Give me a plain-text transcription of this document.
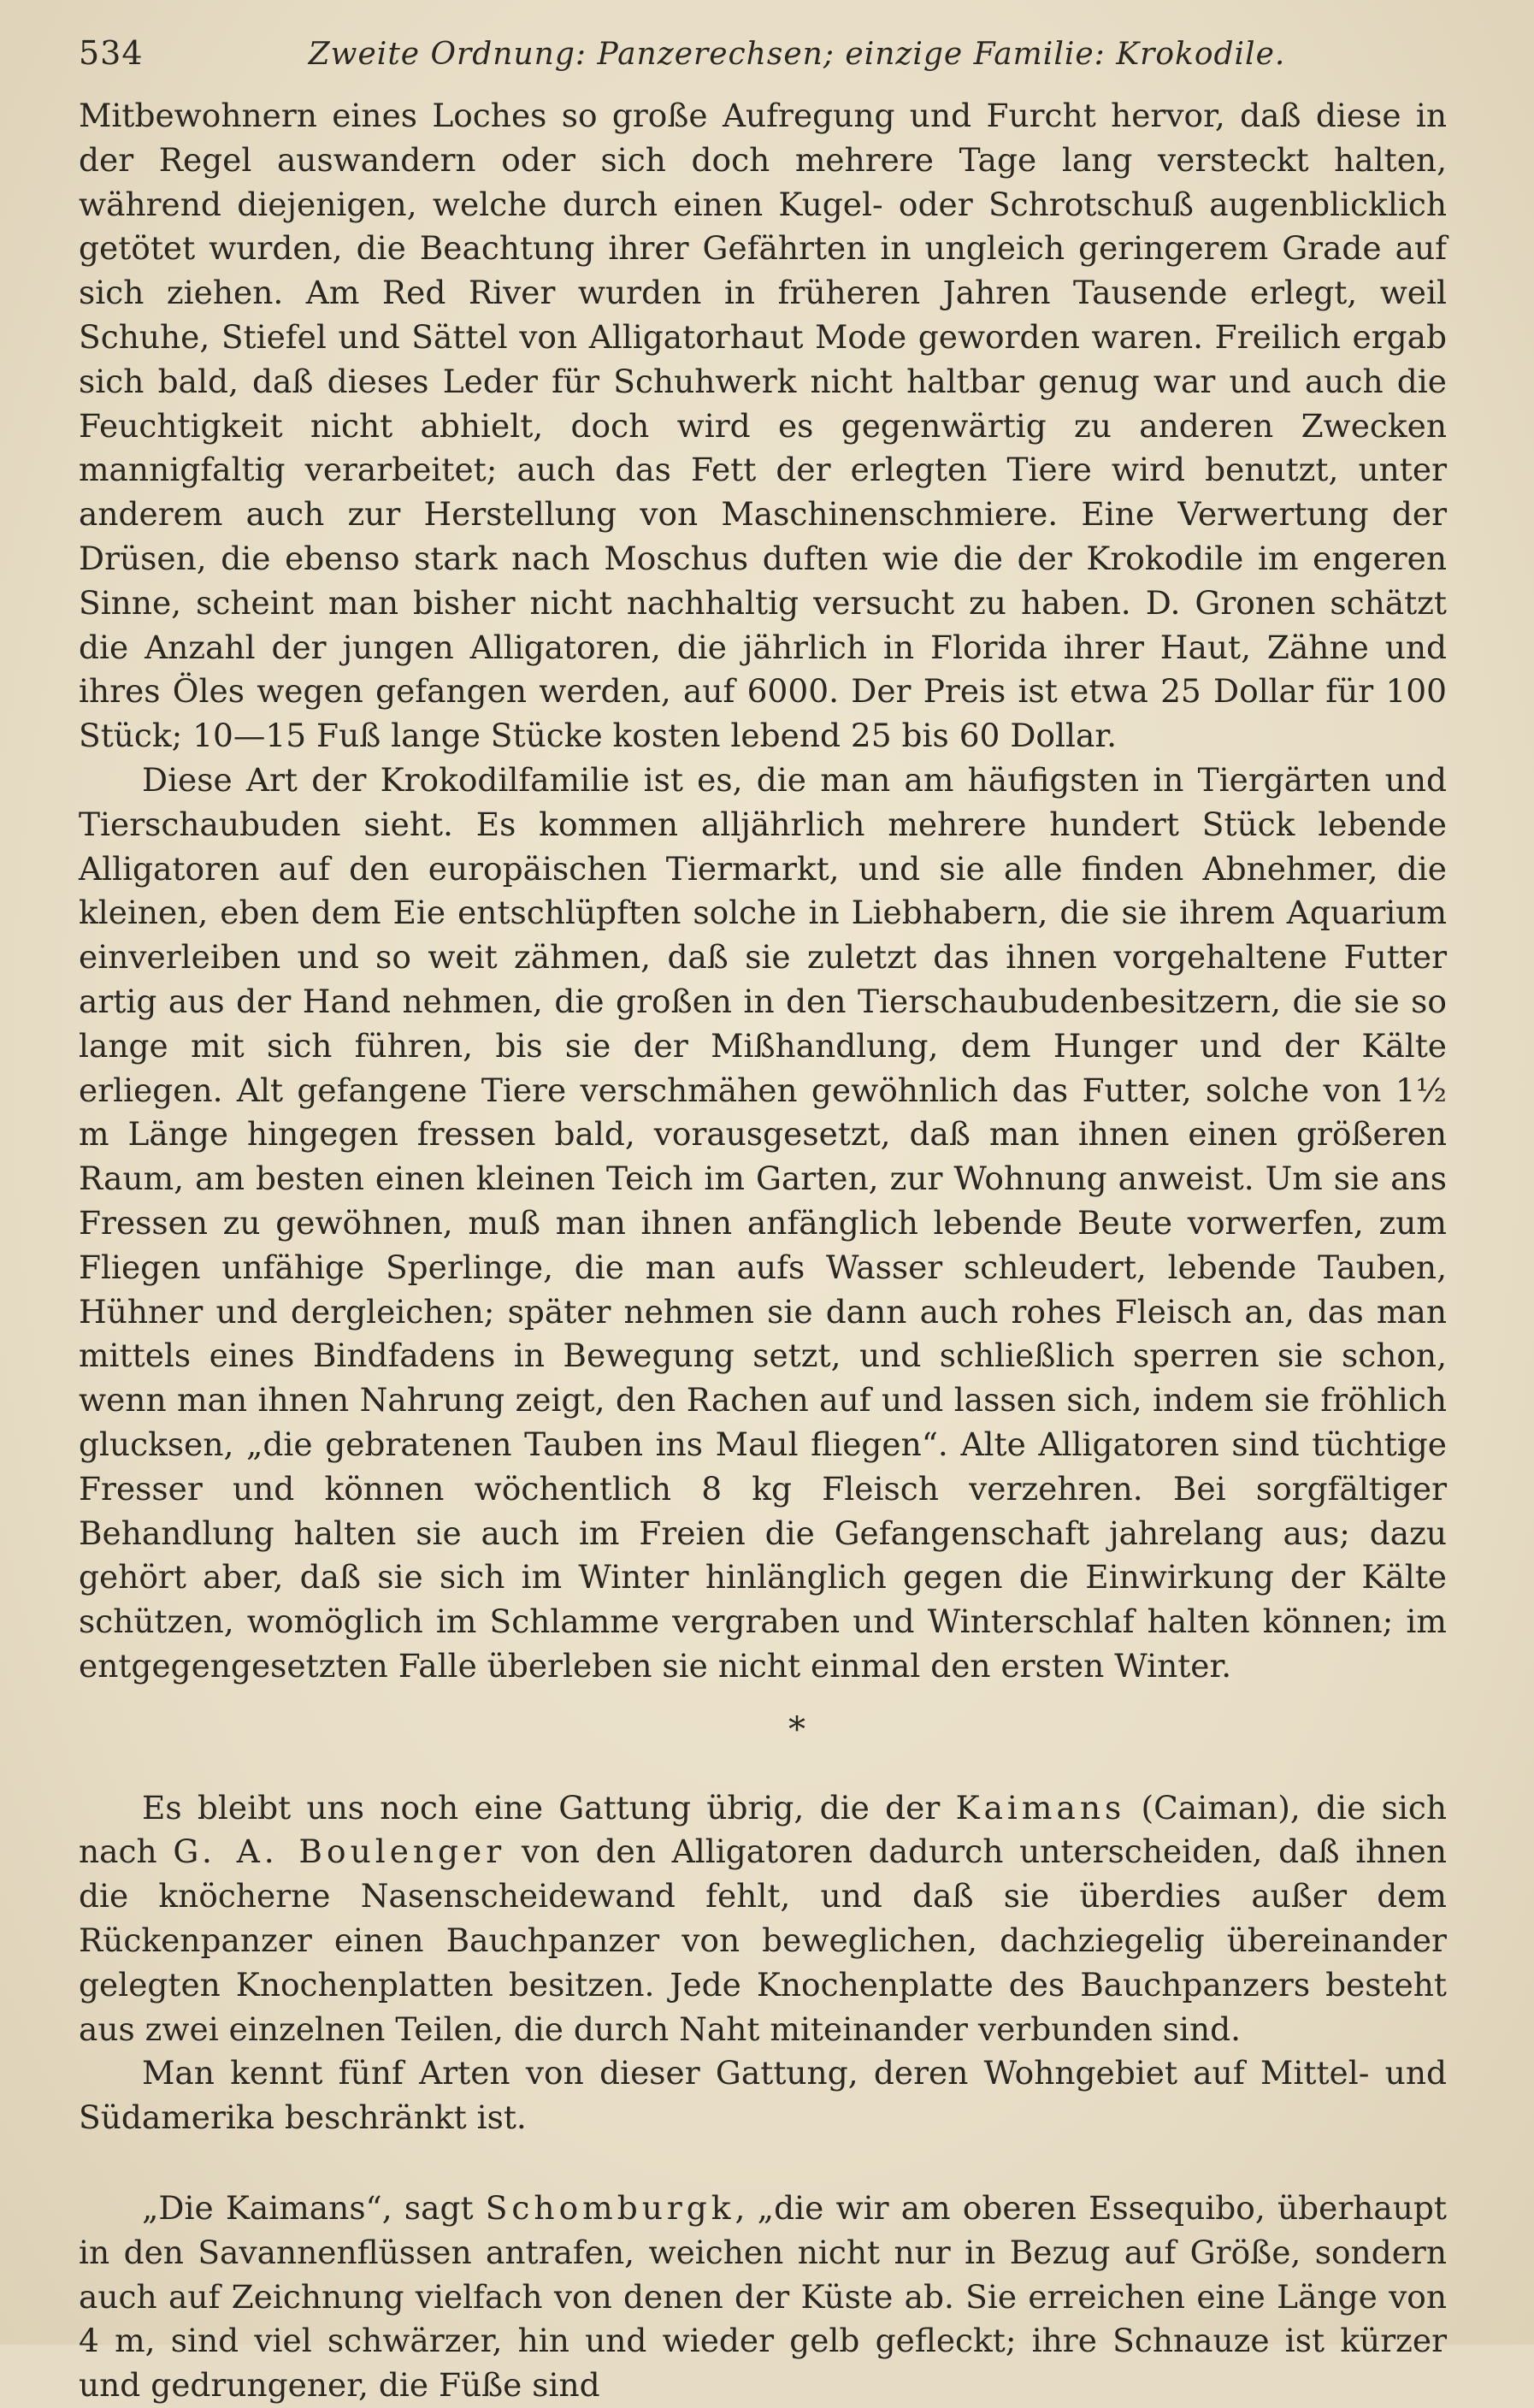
534	Zweite Ordnung: Panzerechsen; einzige Familie: Krokodile.

Mitbewohnern eines Loches so große Aufregung und Furcht hervor, daß diese in der Regel auswandern oder sich doch mehrere Tage lang versteckt halten, während diejenigen, welche durch einen Kugel- oder Schrotschuß augenblicklich getötet wurden, die Beachtung ihrer Gefährten in ungleich geringerem Grade auf sich ziehen. Am Red River wurden in früheren Jahren Tausende erlegt, weil Schuhe, Stiefel und Sättel von Alligatorhaut Mode geworden waren. Freilich ergab sich bald, daß dieses Leder für Schuhwerk nicht haltbar genug war und auch die Feuchtigkeit nicht abhielt, doch wird es gegenwärtig zu anderen Zwecken mannigfaltig verarbeitet; auch das Fett der erlegten Tiere wird benutzt, unter anderem auch zur Herstellung von Maschinenschmiere. Eine Verwertung der Drüsen, die ebenso stark nach Moschus duften wie die der Krokodile im engeren Sinne, scheint man bisher nicht nachhaltig versucht zu haben. D. Gronen schätzt die Anzahl der jungen Alligatoren, die jährlich in Florida ihrer Haut, Zähne und ihres Öles wegen gefangen werden, auf 6000. Der Preis ist etwa 25 Dollar für 100 Stück; 10—15 Fuß lange Stücke kosten lebend 25 bis 60 Dollar.

Diese Art der Krokodilfamilie ist es, die man am häufigsten in Tiergärten und Tierschaubuden sieht. Es kommen alljährlich mehrere hundert Stück lebende Alligatoren auf den europäischen Tiermarkt, und sie alle finden Abnehmer, die kleinen, eben dem Eie entschlüpften solche in Liebhabern, die sie ihrem Aquarium einverleiben und so weit zähmen, daß sie zuletzt das ihnen vorgehaltene Futter artig aus der Hand nehmen, die großen in den Tierschaubudenbesitzern, die sie so lange mit sich führen, bis sie der Mißhandlung, dem Hunger und der Kälte erliegen. Alt gefangene Tiere verschmähen gewöhnlich das Futter, solche von 1½ m Länge hingegen fressen bald, vorausgesetzt, daß man ihnen einen größeren Raum, am besten einen kleinen Teich im Garten, zur Wohnung anweist. Um sie ans Fressen zu gewöhnen, muß man ihnen anfänglich lebende Beute vorwerfen, zum Fliegen unfähige Sperlinge, die man aufs Wasser schleudert, lebende Tauben, Hühner und dergleichen; später nehmen sie dann auch rohes Fleisch an, das man mittels eines Bindfadens in Bewegung setzt, und schließlich sperren sie schon, wenn man ihnen Nahrung zeigt, den Rachen auf und lassen sich, indem sie fröhlich glucksen, „die gebratenen Tauben ins Maul fliegen“. Alte Alligatoren sind tüchtige Fresser und können wöchentlich 8 kg Fleisch verzehren. Bei sorgfältiger Behandlung halten sie auch im Freien die Gefangenschaft jahrelang aus; dazu gehört aber, daß sie sich im Winter hinlänglich gegen die Einwirkung der Kälte schützen, womöglich im Schlamme vergraben und Winterschlaf halten können; im entgegengesetzten Falle überleben sie nicht einmal den ersten Winter.

*

Es bleibt uns noch eine Gattung übrig, die der Kaimans (Caiman), die sich nach G. A. Boulenger von den Alligatoren dadurch unterscheiden, daß ihnen die knöcherne Nasenscheidewand fehlt, und daß sie überdies außer dem Rückenpanzer einen Bauchpanzer von beweglichen, dachziegelig übereinander gelegten Knochenplatten besitzen. Jede Knochenplatte des Bauchpanzers besteht aus zwei einzelnen Teilen, die durch Naht miteinander verbunden sind.

Man kennt fünf Arten von dieser Gattung, deren Wohngebiet auf Mittel- und Südamerika beschränkt ist.

„Die Kaimans“, sagt Schomburgk, „die wir am oberen Essequibo, überhaupt in den Savannenflüssen antrafen, weichen nicht nur in Bezug auf Größe, sondern auch auf Zeichnung vielfach von denen der Küste ab. Sie erreichen eine Länge von 4 m, sind viel schwärzer, hin und wieder gelb gefleckt; ihre Schnauze ist kürzer und gedrungener, die Füße sind
